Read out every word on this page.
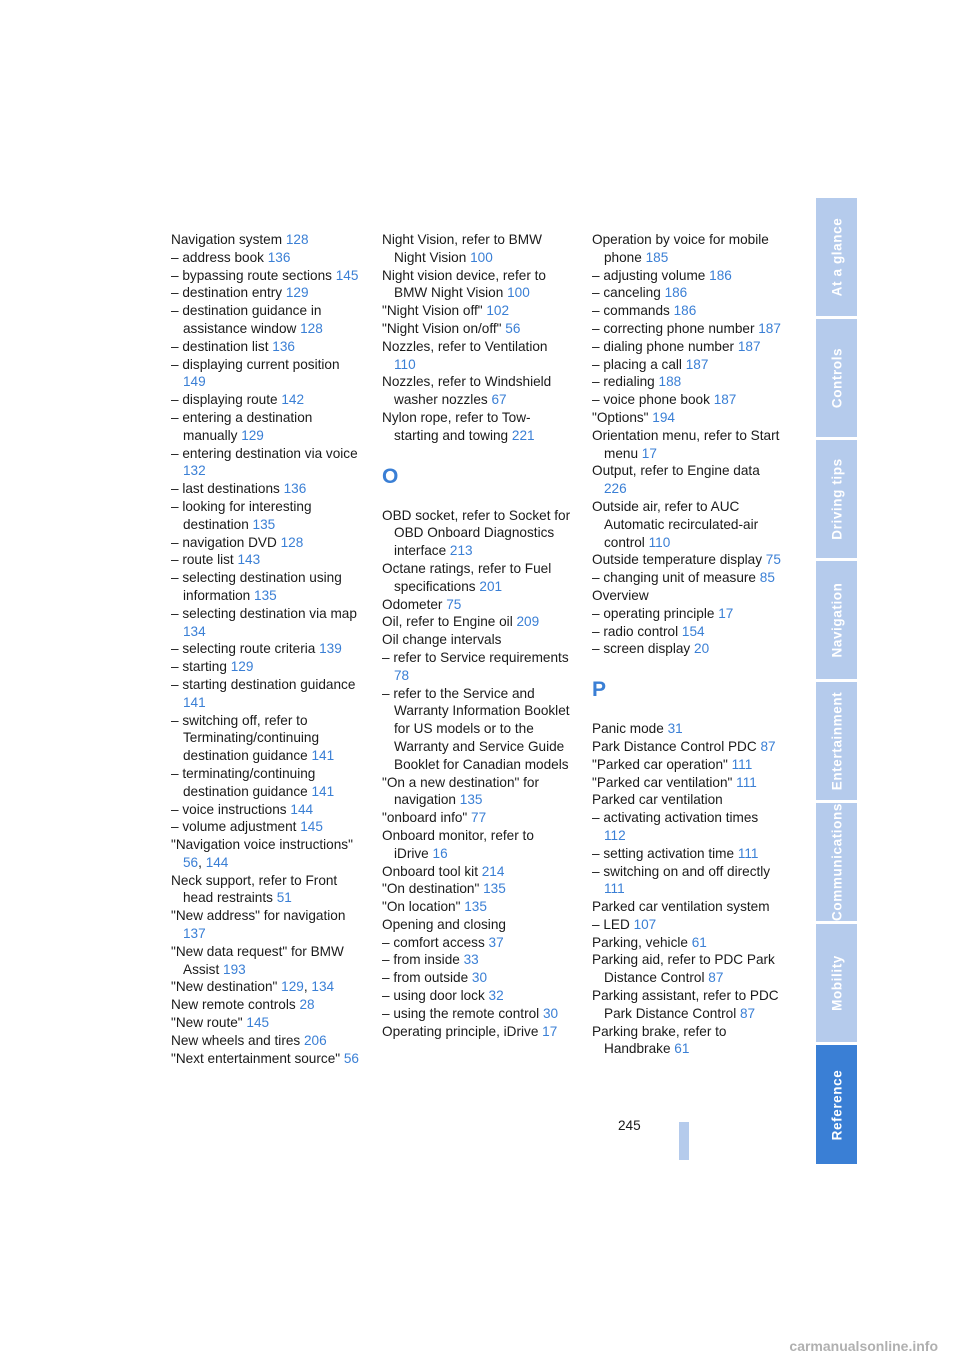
Navigation system 128

– address book 136

– bypassing route sections 145

– destination entry 129

– destination guidance in assistance window 128

– destination list 136

– displaying current position 149

– displaying route 142

– entering a destination manually 129

– entering destination via voice 132

– last destinations 136

– looking for interesting destination 135

– navigation DVD 128

– route list 143

– selecting destination using information 135

– selecting destination via map 134

– selecting route criteria 139

– starting 129

– starting destination guidance 141

– switching off, refer to Terminating/continuing destination guidance 141

– terminating/continuing destination guidance 141

– voice instructions 144

– volume adjustment 145

"Navigation voice instructions" 56, 144

Neck support, refer to Front head restraints 51

"New address" for navigation 137

"New data request" for BMW Assist 193

"New destination" 129, 134

New remote controls 28

"New route" 145

New wheels and tires 206

"Next entertainment source" 56

Night Vision, refer to BMW Night Vision 100

Night vision device, refer to BMW Night Vision 100

"Night Vision off" 102

"Night Vision on/off" 56

Nozzles, refer to Ventilation 110

Nozzles, refer to Windshield washer nozzles 67

Nylon rope, refer to Tow-starting and towing 221

O

OBD socket, refer to Socket for OBD Onboard Diagnostics interface 213

Octane ratings, refer to Fuel specifications 201

Odometer 75

Oil, refer to Engine oil 209

Oil change intervals

– refer to Service requirements 78

– refer to the Service and Warranty Information Booklet for US models or to the Warranty and Service Guide Booklet for Canadian models

"On a new destination" for navigation 135

"onboard info" 77

Onboard monitor, refer to iDrive 16

Onboard tool kit 214

"On destination" 135

"On location" 135

Opening and closing

– comfort access 37

– from inside 33

– from outside 30

– using door lock 32

– using the remote control 30

Operating principle, iDrive 17

Operation by voice for mobile phone 185

– adjusting volume 186

– canceling 186

– commands 186

– correcting phone number 187

– dialing phone number 187

– placing a call 187

– redialing 188

– voice phone book 187

"Options" 194

Orientation menu, refer to Start menu 17

Output, refer to Engine data 226

Outside air, refer to AUC Automatic recirculated-air control 110

Outside temperature display 75

– changing unit of measure 85

Overview

– operating principle 17

– radio control 154

– screen display 20

P

Panic mode 31

Park Distance Control PDC 87

"Parked car operation" 111

"Parked car ventilation" 111

Parked car ventilation

– activating activation times 112

– setting activation time 111

– switching on and off directly 111

Parked car ventilation system

– LED 107

Parking, vehicle 61

Parking aid, refer to PDC Park Distance Control 87

Parking assistant, refer to PDC Park Distance Control 87

Parking brake, refer to Handbrake 61

At a glance
Controls
Driving tips
Navigation
Entertainment
Communications
Mobility
Reference
245
carmanualsonline.info
